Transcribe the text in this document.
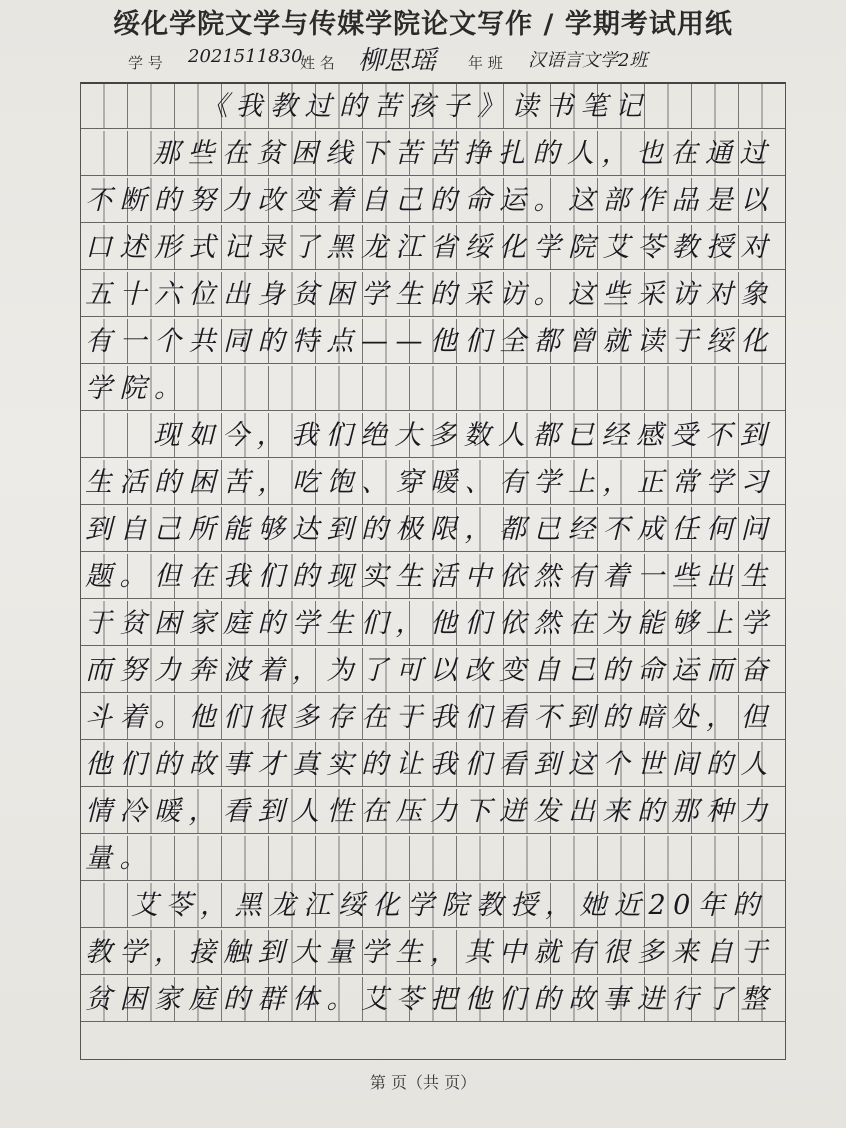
绥化学院文学与传媒学院论文写作 / 学期考试用纸
学 号 2021511830
姓 名 柳思瑶 年 班 汉语言文学2班
《我教过的苦孩子》读书笔记
那些在贫困线下苦苦挣扎的人，也在通过
不断的努力改变着自己的命运。这部作品是以
口述形式记录了黑龙江省绥化学院艾苓教授对
五十六位出身贫困学生的采访。这些采访对象
有一个共同的特点——他们全都曾就读于绥化
学院。
现如今，我们绝大多数人都已经感受不到
生活的困苦，吃饱、穿暖、有学上，正常学习
到自己所能够达到的极限，都已经不成任何问
题。但在我们的现实生活中依然有着一些出生
于贫困家庭的学生们，他们依然在为能够上学
而努力奔波着，为了可以改变自己的命运而奋
斗着。他们很多存在于我们看不到的暗处，但
他们的故事才真实的让我们看到这个世间的人
情冷暖，看到人性在压力下迸发出来的那种力
量。
艾苓，黑龙江绥化学院教授，她近20年的
教学，接触到大量学生，其中就有很多来自于
贫困家庭的群体。艾苓把他们的故事进行了整
第 页（共 页）
